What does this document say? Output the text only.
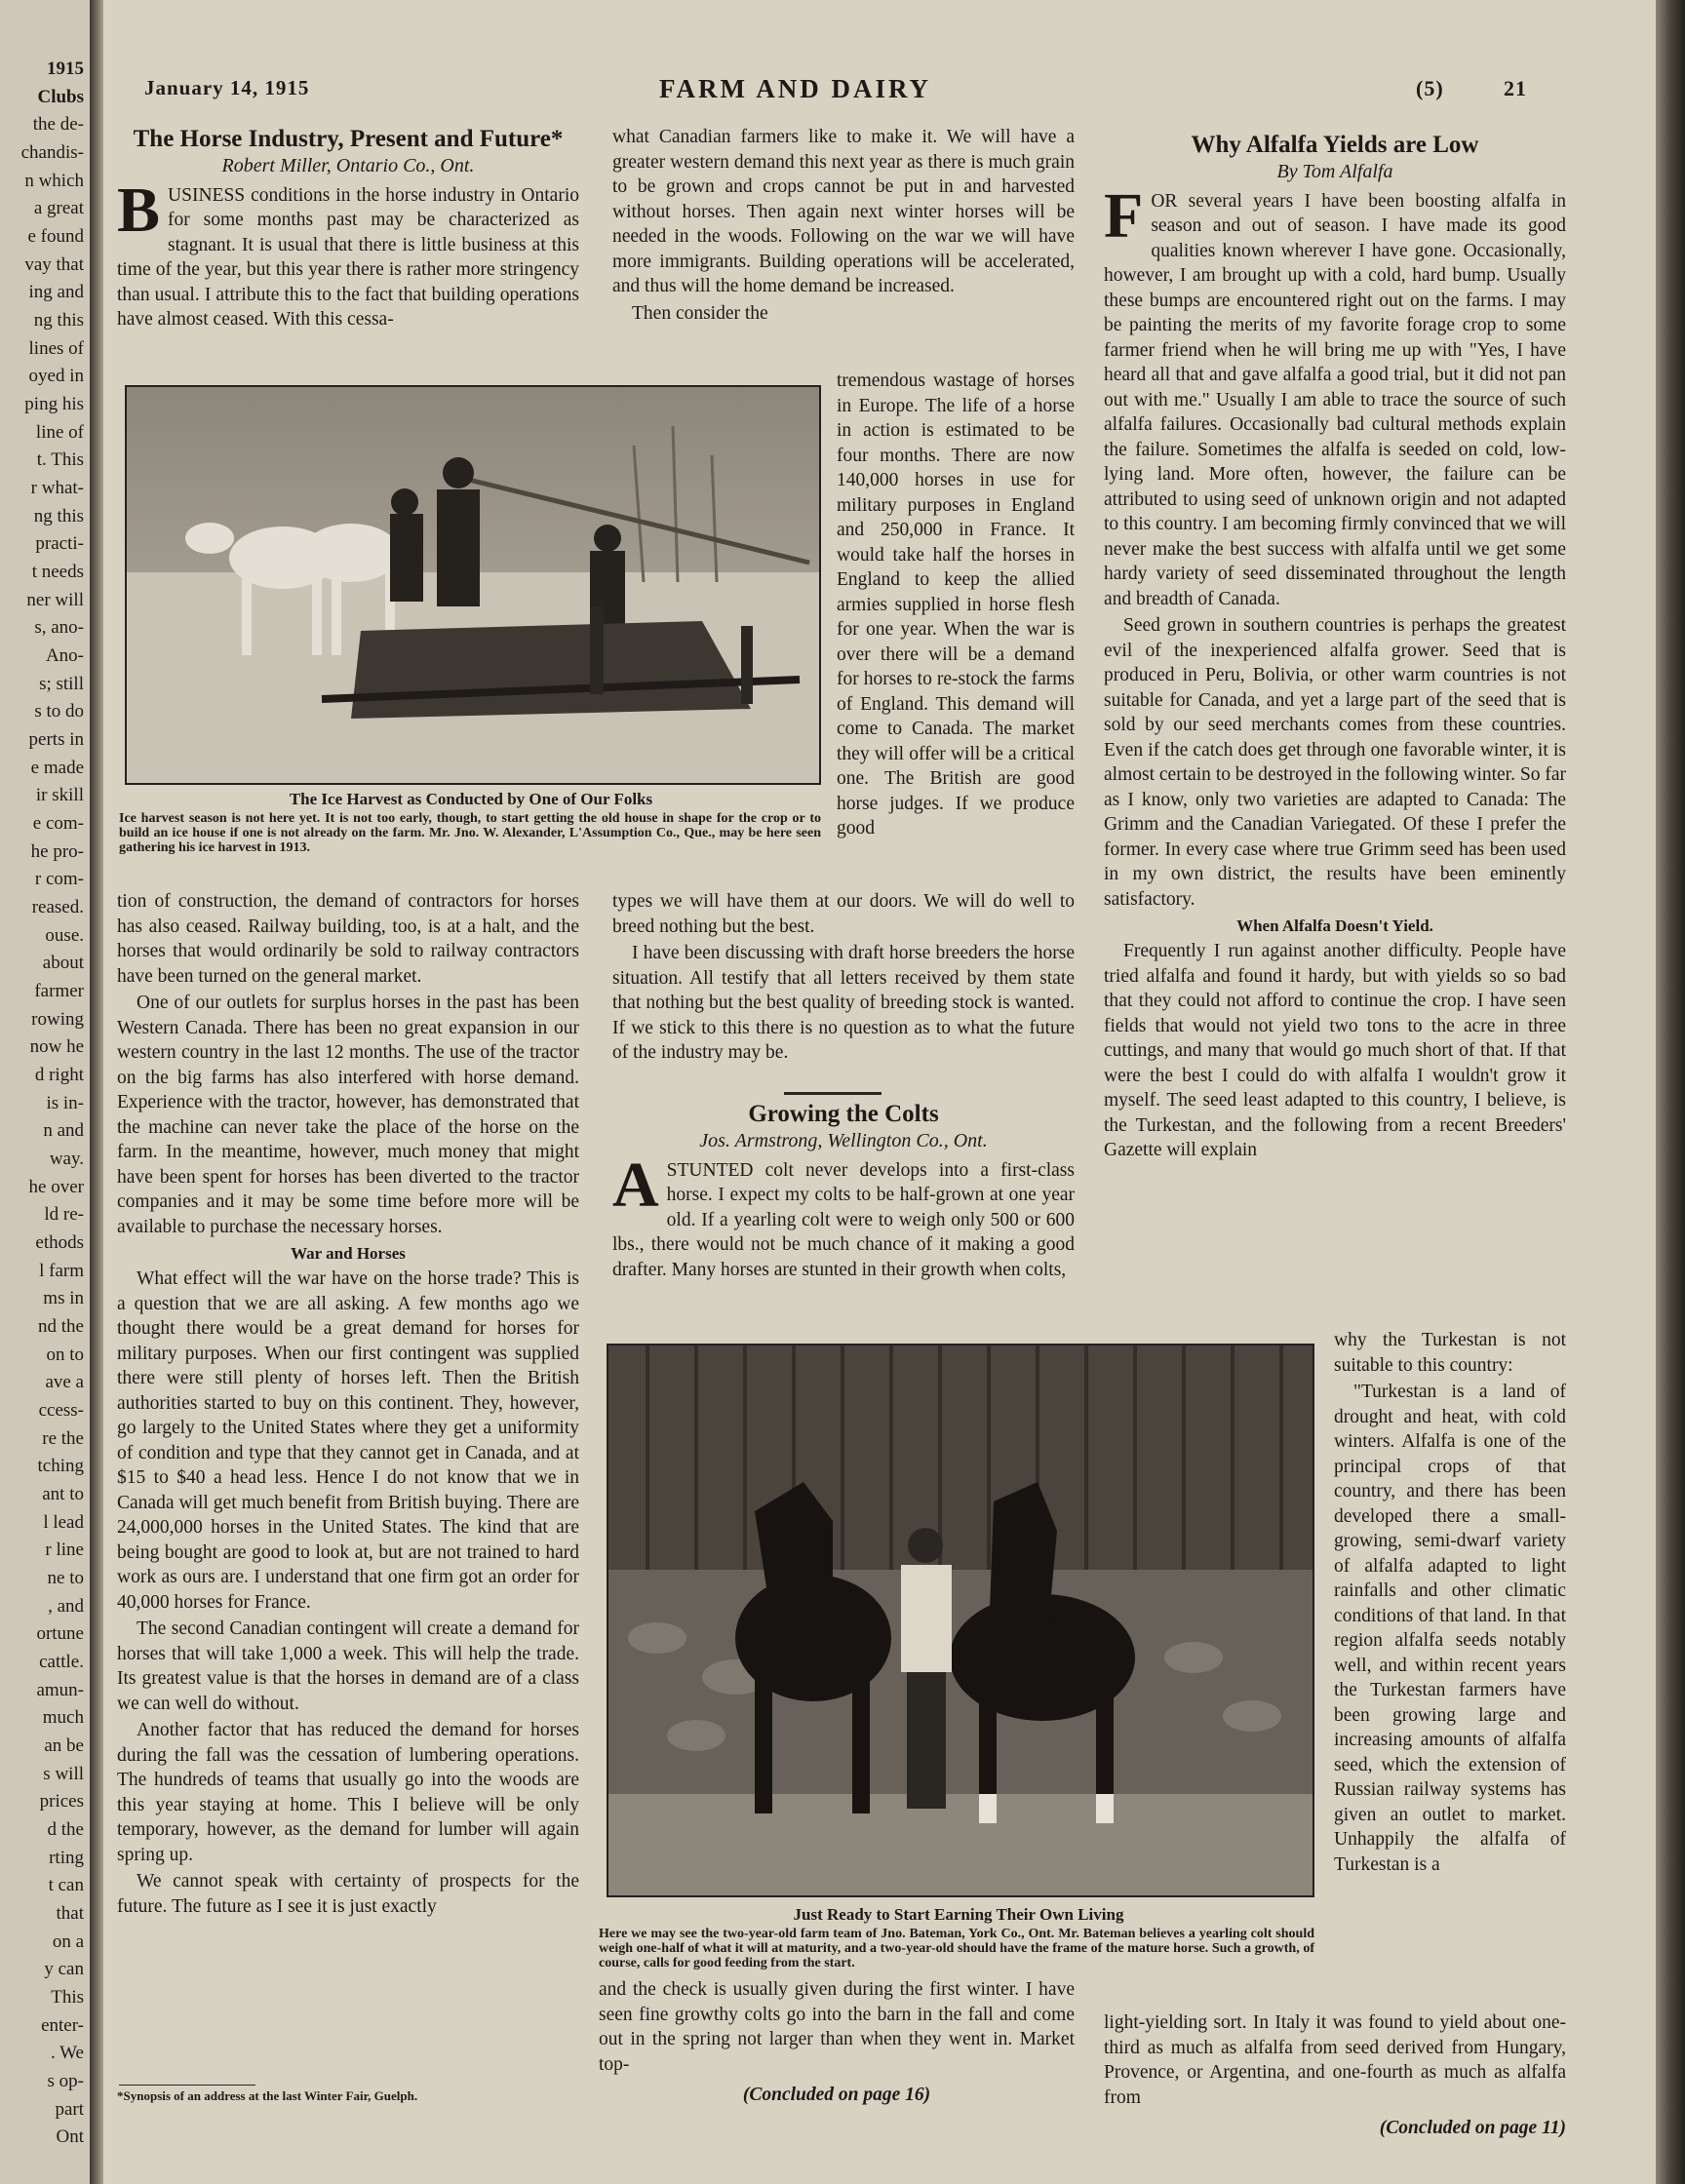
1915
Clubs
the de-
chandis-
n which
a great
e found
vay that
ing and
ng this
lines of
oyed in
ping his
line of
t. This
r what-
ng this
practi-
t needs
ner will
s, ano-
Ano-
s; still
s to do
perts in
e made
ir skill
e com-
he pro-
r com-
reased.
ouse.
about
farmer
rowing
now he
d right
is in-
n and
way.
he over
ld re-
ethods
l farm
ms in
nd the
on to
ave a
ccess-
re the
tching
ant to
l lead
r line
ne to
, and
ortune
cattle.
amun-
much
an be
s will
prices
d the
rting
t can
that
on a
y can
This
enter-
. We
s op-
part
Ont
January 14, 1915	FARM AND DAIRY	(5)	21
The Horse Industry, Present and Future*
Robert Miller, Ontario Co., Ont.

BUSINESS conditions in the horse industry in Ontario for some months past may be characterized as stagnant. It is usual that there is little business at this time of the year, but this year there is rather more stringency than usual. I attribute this to the fact that building operations have almost ceased. With this cessa-

The Ice Harvest as Conducted by One of Our Folks
Ice harvest season is not here yet. It is not too early, though, to start getting the old house in shape for the crop or to build an ice house if one is not already on the farm. Mr. Jno. W. Alexander, L'Assumption Co., Que., may be here seen gathering his ice harvest in 1913.

tion of construction, the demand of contractors for horses has also ceased. Railway building, too, is at a halt, and the horses that would ordinarily be sold to railway contractors have been turned on the general market.

One of our outlets for surplus horses in the past has been Western Canada. There has been no great expansion in our western country in the last 12 months. The use of the tractor on the big farms has also interfered with horse demand. Experience with the tractor, however, has demonstrated that the machine can never take the place of the horse on the farm. In the meantime, however, much money that might have been spent for horses has been diverted to the tractor companies and it may be some time before more will be available to purchase the necessary horses.

War and Horses

What effect will the war have on the horse trade? This is a question that we are all asking. A few months ago we thought there would be a great demand for horses for military purposes. When our first contingent was supplied there were still plenty of horses left. Then the British authorities started to buy on this continent. They, however, go largely to the United States where they get a uniformity of condition and type that they cannot get in Canada, and at $15 to $40 a head less. Hence I do not know that we in Canada will get much benefit from British buying. There are 24,000,000 horses in the United States. The kind that are being bought are good to look at, but are not trained to hard work as ours are. I understand that one firm got an order for 40,000 horses for France.

The second Canadian contingent will create a demand for horses that will take 1,000 a week. This will help the trade. Its greatest value is that the horses in demand are of a class we can well do without.

Another factor that has reduced the demand for horses during the fall was the cessation of lumbering operations. The hundreds of teams that usually go into the woods are this year staying at home. This I believe will be only temporary, however, as the demand for lumber will again spring up.

We cannot speak with certainty of prospects for the future. The future as I see it is just exactly

*Synopsis of an address at the last Winter Fair, Guelph.

what Canadian farmers like to make it. We will have a greater western demand this next year as there is much grain to be grown and crops cannot be put in and harvested without horses. Then again next winter horses will be needed in the woods. Following on the war we will have more immigrants. Building operations will be accelerated, and thus will the home demand be increased.

Then consider the

tremendous wastage of horses in Europe. The life of a horse in action is estimated to be four months. There are now 140,000 horses in use for military purposes in England and 250,000 in France. It would take half the horses in England to keep the allied armies supplied in horse flesh for one year. When the war is over there will be a demand for horses to re-stock the farms of England. This demand will come to Canada. The market they will offer will be a critical one. The British are good horse judges. If we produce good

types we will have them at our doors. We will do well to breed nothing but the best.

I have been discussing with draft horse breeders the horse situation. All testify that all letters received by them state that nothing but the best quality of breeding stock is wanted. If we stick to this there is no question as to what the future of the industry may be.

Growing the Colts
Jos. Armstrong, Wellington Co., Ont.

ASTUNTED colt never develops into a first-class horse. I expect my colts to be half-grown at one year old. If a yearling colt were to weigh only 500 or 600 lbs., there would not be much chance of it making a good drafter. Many horses are stunted in their growth when colts,

Just Ready to Start Earning Their Own Living
Here we may see the two-year-old farm team of Jno. Bateman, York Co., Ont. Mr. Bateman believes a yearling colt should weigh one-half of what it will at maturity, and a two-year-old should have the frame of the mature horse. Such a growth, of course, calls for good feeding from the start.

and the check is usually given during the first winter. I have seen fine growthy colts go into the barn in the fall and come out in the spring not larger than when they went in. Market top-

(Concluded on page 16)
Why Alfalfa Yields are Low
By Tom Alfalfa

FOR several years I have been boosting alfalfa in season and out of season. I have made its good qualities known wherever I have gone. Occasionally, however, I am brought up with a cold, hard bump. Usually these bumps are encountered right out on the farms. I may be painting the merits of my favorite forage crop to some farmer friend when he will bring me up with "Yes, I have heard all that and gave alfalfa a good trial, but it did not pan out with me." Usually I am able to trace the source of such alfalfa failures. Occasionally bad cultural methods explain the failure. Sometimes the alfalfa is seeded on cold, low-lying land. More often, however, the failure can be attributed to using seed of unknown origin and not adapted to this country. I am becoming firmly convinced that we will never make the best success with alfalfa until we get some hardy variety of seed disseminated throughout the length and breadth of Canada.

Seed grown in southern countries is perhaps the greatest evil of the inexperienced alfalfa grower. Seed that is produced in Peru, Bolivia, or other warm countries is not suitable for Canada, and yet a large part of the seed that is sold by our seed merchants comes from these countries. Even if the catch does get through one favorable winter, it is almost certain to be destroyed in the following winter. So far as I know, only two varieties are adapted to Canada: The Grimm and the Canadian Variegated. Of these I prefer the former. In every case where true Grimm seed has been used in my own district, the results have been eminently satisfactory.

When Alfalfa Doesn't Yield.

Frequently I run against another difficulty. People have tried alfalfa and found it hardy, but with yields so so bad that they could not afford to continue the crop. I have seen fields that would not yield two tons to the acre in three cuttings, and many that would go much short of that. If that were the best I could do with alfalfa I wouldn't grow it myself. The seed least adapted to this country, I believe, is the Turkestan, and the following from a recent Breeders' Gazette will explain

why the Turkestan is not suitable to this country:

"Turkestan is a land of drought and heat, with cold winters. Alfalfa is one of the principal crops of that country, and there has been developed there a small-growing, semi-dwarf variety of alfalfa adapted to light rainfalls and other climatic conditions of that land. In that region alfalfa seeds notably well, and within recent years the Turkestan farmers have been growing large and increasing amounts of alfalfa seed, which the extension of Russian railway systems has given an outlet to market. Unhappily the alfalfa of Turkestan is a

light-yielding sort. In Italy it was found to yield about one-third as much as alfalfa from seed derived from Hungary, Provence, or Argentina, and one-fourth as much as alfalfa from

(Concluded on page 11)
